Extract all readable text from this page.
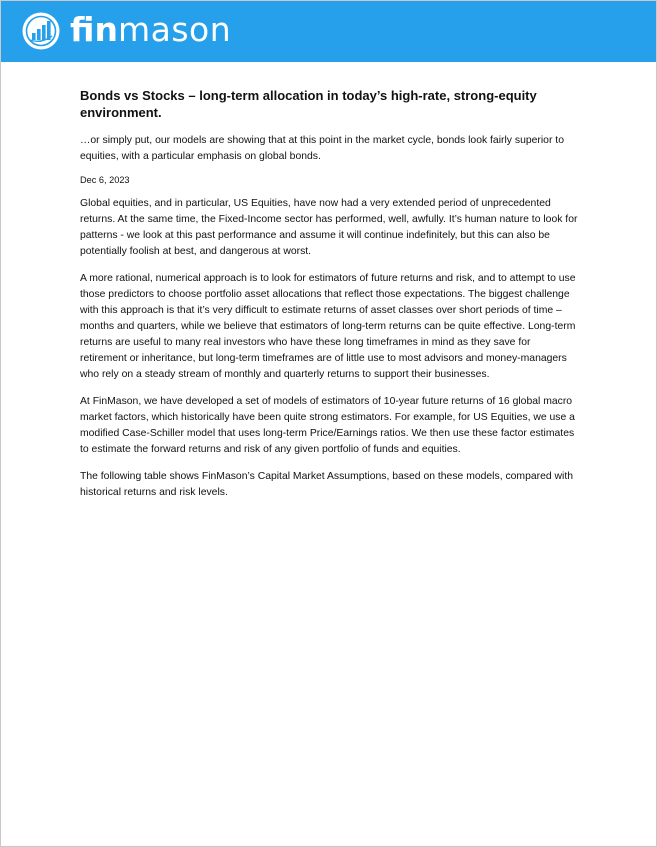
finmason
Bonds vs Stocks – long-term allocation in today’s high-rate, strong-equity environment.

…or simply put, our models are showing that at this point in the market cycle, bonds look fairly superior to equities, with a particular emphasis on global bonds.

Dec 6, 2023

Global equities, and in particular, US Equities, have now had a very extended period of unprecedented returns. At the same time, the Fixed-Income sector has performed, well, awfully. It’s human nature to look for patterns - we look at this past performance and assume it will continue indefinitely, but this can also be potentially foolish at best, and dangerous at worst.

A more rational, numerical approach is to look for estimators of future returns and risk, and to attempt to use those predictors to choose portfolio asset allocations that reflect those expectations. The biggest challenge with this approach is that it’s very difficult to estimate returns of asset classes over short periods of time – months and quarters, while we believe that estimators of long-term returns can be quite effective. Long-term returns are useful to many real investors who have these long timeframes in mind as they save for retirement or inheritance, but long-term timeframes are of little use to most advisors and money-managers who rely on a steady stream of monthly and quarterly returns to support their businesses.

At FinMason, we have developed a set of models of estimators of 10-year future returns of 16 global macro market factors, which historically have been quite strong estimators. For example, for US Equities, we use a modified Case-Schiller model that uses long-term Price/Earnings ratios. We then use these factor estimates to estimate the forward returns and risk of any given portfolio of funds and equities.

The following table shows FinMason’s Capital Market Assumptions, based on these models, compared with historical returns and risk levels.
